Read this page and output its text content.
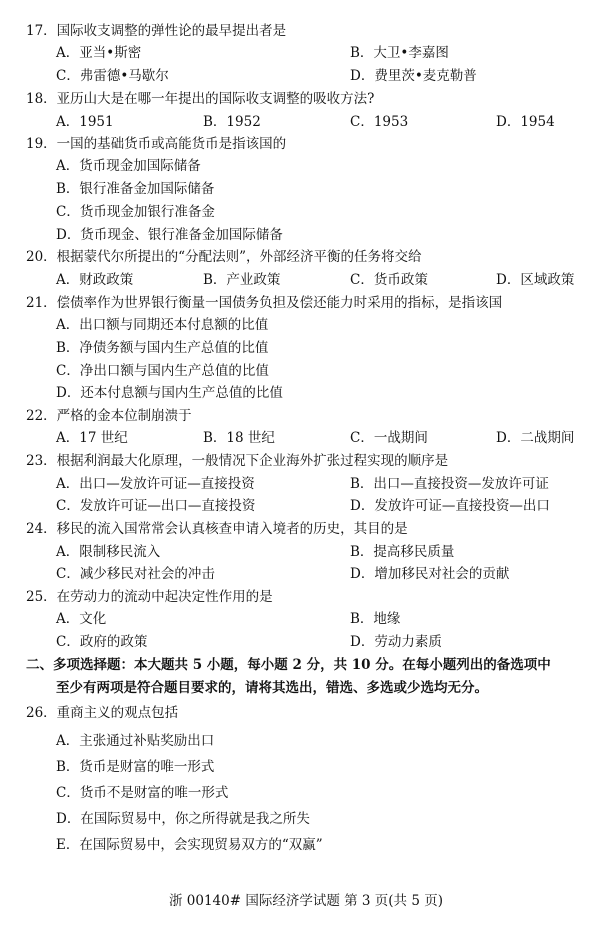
17．国际收支调整的弹性论的最早提出者是
A．亚当•斯密	B．大卫•李嘉图
C．弗雷德•马歇尔	D．费里茨•麦克勒普
18．亚历山大是在哪一年提出的国际收支调整的吸收方法?
A．1951	B．1952	C．1953	D．1954
19．一国的基础货币或高能货币是指该国的
A．货币现金加国际储备
B．银行准备金加国际储备
C．货币现金加银行准备金
D．货币现金、银行准备金加国际储备
20．根据蒙代尔所提出的“分配法则”，外部经济平衡的任务将交给
A．财政政策	B．产业政策	C．货币政策	D．区域政策
21．偿债率作为世界银行衡量一国债务负担及偿还能力时采用的指标，是指该国
A．出口额与同期还本付息额的比值
B．净债务额与国内生产总值的比值
C．净出口额与国内生产总值的比值
D．还本付息额与国内生产总值的比值
22．严格的金本位制崩溃于
A．17 世纪	B．18 世纪	C．一战期间	D．二战期间
23．根据利润最大化原理，一般情况下企业海外扩张过程实现的顺序是
A．出口—发放许可证—直接投资	B．出口—直接投资—发放许可证
C．发放许可证—出口—直接投资	D．发放许可证—直接投资—出口
24．移民的流入国常常会认真核查申请入境者的历史，其目的是
A．限制移民流入	B．提高移民质量
C．减少移民对社会的冲击	D．增加移民对社会的贡献
25．在劳动力的流动中起决定性作用的是
A．文化	B．地缘
C．政府的政策	D．劳动力素质
二、多项选择题：本大题共 5 小题，每小题 2 分，共 10 分。在每小题列出的备选项中
至少有两项是符合题目要求的，请将其选出，错选、多选或少选均无分。
26．重商主义的观点包括
A．主张通过补贴奖励出口
B．货币是财富的唯一形式
C．货币不是财富的唯一形式
D．在国际贸易中，你之所得就是我之所失
E．在国际贸易中，会实现贸易双方的“双赢”
浙 00140# 国际经济学试题 第 3 页(共 5 页)
